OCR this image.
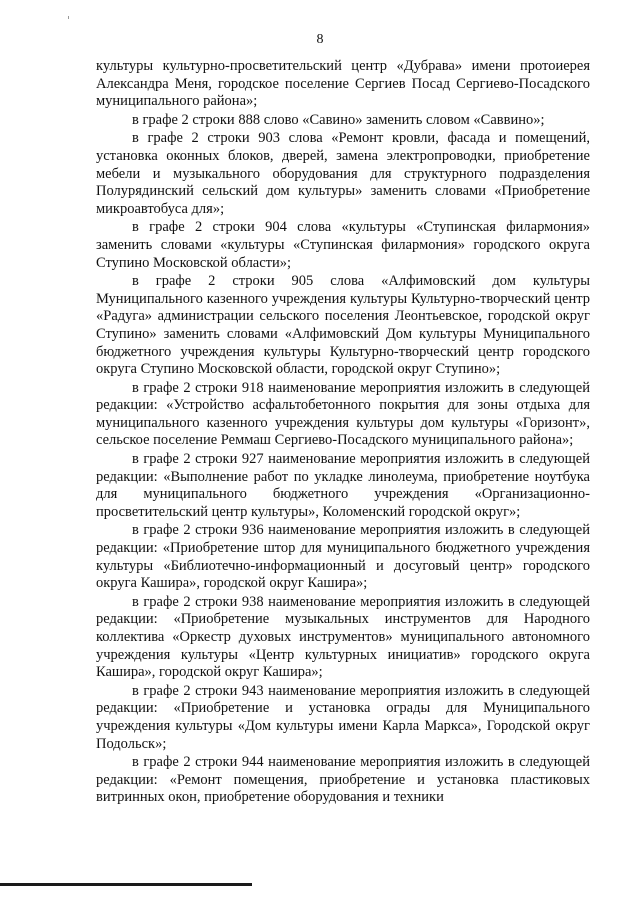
8

культуры культурно-просветительский центр «Дубрава» имени протоиерея Александра Меня, городское поселение Сергиев Посад Сергиево-Посадского муниципального района»;

в графе 2 строки 888 слово «Савино» заменить словом «Саввино»;

в графе 2 строки 903 слова «Ремонт кровли, фасада и помещений, установка оконных блоков, дверей, замена электропроводки, приобретение мебели и музыкального оборудования для структурного подразделения Полурядинский сельский дом культуры» заменить словами «Приобретение микроавтобуса для»;

в графе 2 строки 904 слова «культуры «Ступинская филармония» заменить словами «культуры «Ступинская филармония» городского округа Ступино Московской области»;

в графе 2 строки 905 слова «Алфимовский дом культуры Муниципального казенного учреждения культуры Культурно-творческий центр «Радуга» администрации сельского поселения Леонтьевское, городской округ Ступино» заменить словами «Алфимовский Дом культуры Муниципального бюджетного учреждения культуры Культурно-творческий центр городского округа Ступино Московской области, городской округ Ступино»;

в графе 2 строки 918 наименование мероприятия изложить в следующей редакции: «Устройство асфальтобетонного покрытия для зоны отдыха для муниципального казенного учреждения культуры дом культуры «Горизонт», сельское поселение Реммаш Сергиево-Посадского муниципального района»;

в графе 2 строки 927 наименование мероприятия изложить в следующей редакции: «Выполнение работ по укладке линолеума, приобретение ноутбука для муниципального бюджетного учреждения «Организационно-просветительский центр культуры», Коломенский городской округ»;

в графе 2 строки 936 наименование мероприятия изложить в следующей редакции: «Приобретение штор для муниципального бюджетного учреждения культуры «Библиотечно-информационный и досуговый центр» городского округа Кашира», городской округ Кашира»;

в графе 2 строки 938 наименование мероприятия изложить в следующей редакции: «Приобретение музыкальных инструментов для Народного коллектива «Оркестр духовых инструментов» муниципального автономного учреждения культуры «Центр культурных инициатив» городского округа Кашира», городской округ Кашира»;

в графе 2 строки 943 наименование мероприятия изложить в следующей редакции: «Приобретение и установка ограды для Муниципального учреждения культуры «Дом культуры имени Карла Маркса», Городской округ Подольск»;

в графе 2 строки 944 наименование мероприятия изложить в следующей редакции: «Ремонт помещения, приобретение и установка пластиковых витринных окон, приобретение оборудования и техники
